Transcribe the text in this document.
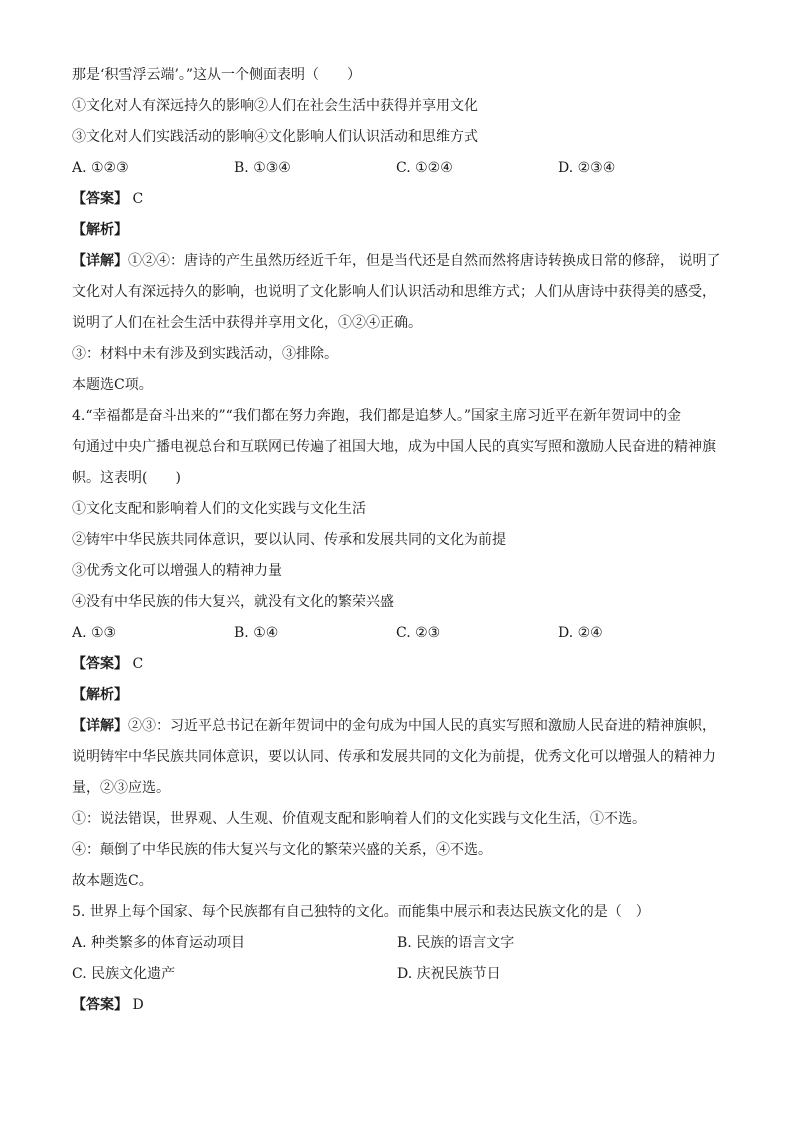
那是‘积雪浮云端’。”这从一个侧面表明（　　）
①文化对人有深远持久的影响②人们在社会生活中获得并享用文化
③文化对人们实践活动的影响④文化影响人们认识活动和思维方式
A. ①②③	B. ①③④	C. ①②④	D. ②③④
【答案】 C
【解析】
【详解】①②④：唐诗的产生虽然历经近千年，但是当代还是自然而然将唐诗转换成日常的修辞， 说明了
文化对人有深远持久的影响，也说明了文化影响人们认识活动和思维方式；人们从唐诗中获得美的感受，
说明了人们在社会生活中获得并享用文化，①②④正确。
③：材料中未有涉及到实践活动，③排除。
本题选C项。
4.“幸福都是奋斗出来的”“我们都在努力奔跑，我们都是追梦人。”国家主席习近平在新年贺词中的金
句通过中央广播电视总台和互联网已传遍了祖国大地，成为中国人民的真实写照和激励人民奋进的精神旗
帜。这表明(　　)
①文化支配和影响着人们的文化实践与文化生活
②铸牢中华民族共同体意识，要以认同、传承和发展共同的文化为前提
③优秀文化可以增强人的精神力量
④没有中华民族的伟大复兴，就没有文化的繁荣兴盛
A. ①③	B. ①④	C. ②③	D. ②④
【答案】 C
【解析】
【详解】②③：习近平总书记在新年贺词中的金句成为中国人民的真实写照和激励人民奋进的精神旗帜，
说明铸牢中华民族共同体意识，要以认同、传承和发展共同的文化为前提，优秀文化可以增强人的精神力
量，②③应选。
①：说法错误，世界观、人生观、价值观支配和影响着人们的文化实践与文化生活，①不选。
④：颠倒了中华民族的伟大复兴与文化的繁荣兴盛的关系，④不选。
故本题选C。
5. 世界上每个国家、每个民族都有自己独特的文化。而能集中展示和表达民族文化的是（　）
A. 种类繁多的体育运动项目	B. 民族的语言文字
C. 民族文化遗产	D. 庆祝民族节日
【答案】 D
